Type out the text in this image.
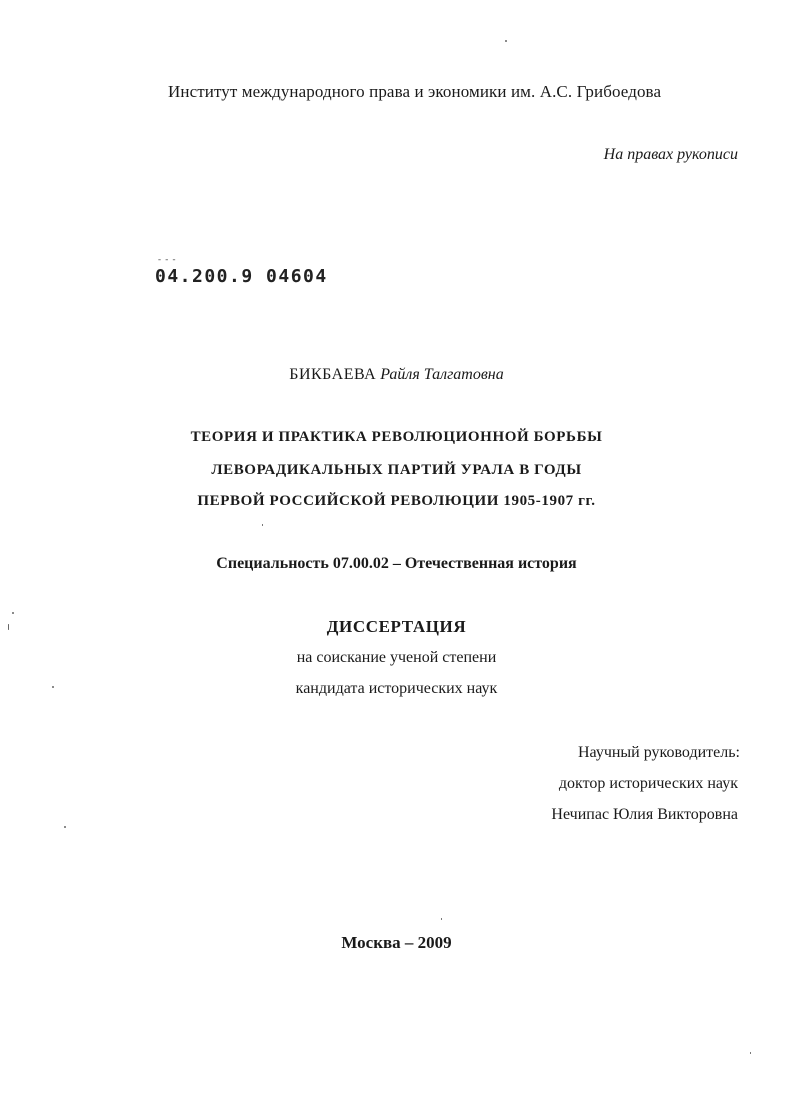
Институт международного права и экономики им. А.С. Грибоедова
На правах рукописи
- - -
04.200.9 04604
БИКБАЕВА Райля Талгатовна
ТЕОРИЯ И ПРАКТИКА РЕВОЛЮЦИОННОЙ БОРЬБЫ
ЛЕВОРАДИКАЛЬНЫХ ПАРТИЙ УРАЛА В ГОДЫ
ПЕРВОЙ РОССИЙСКОЙ РЕВОЛЮЦИИ 1905-1907 гг.
Специальность 07.00.02 – Отечественная история
ДИССЕРТАЦИЯ
на соискание ученой степени
кандидата исторических наук
Научный руководитель:
доктор исторических наук
Нечипас Юлия Викторовна
Москва – 2009
